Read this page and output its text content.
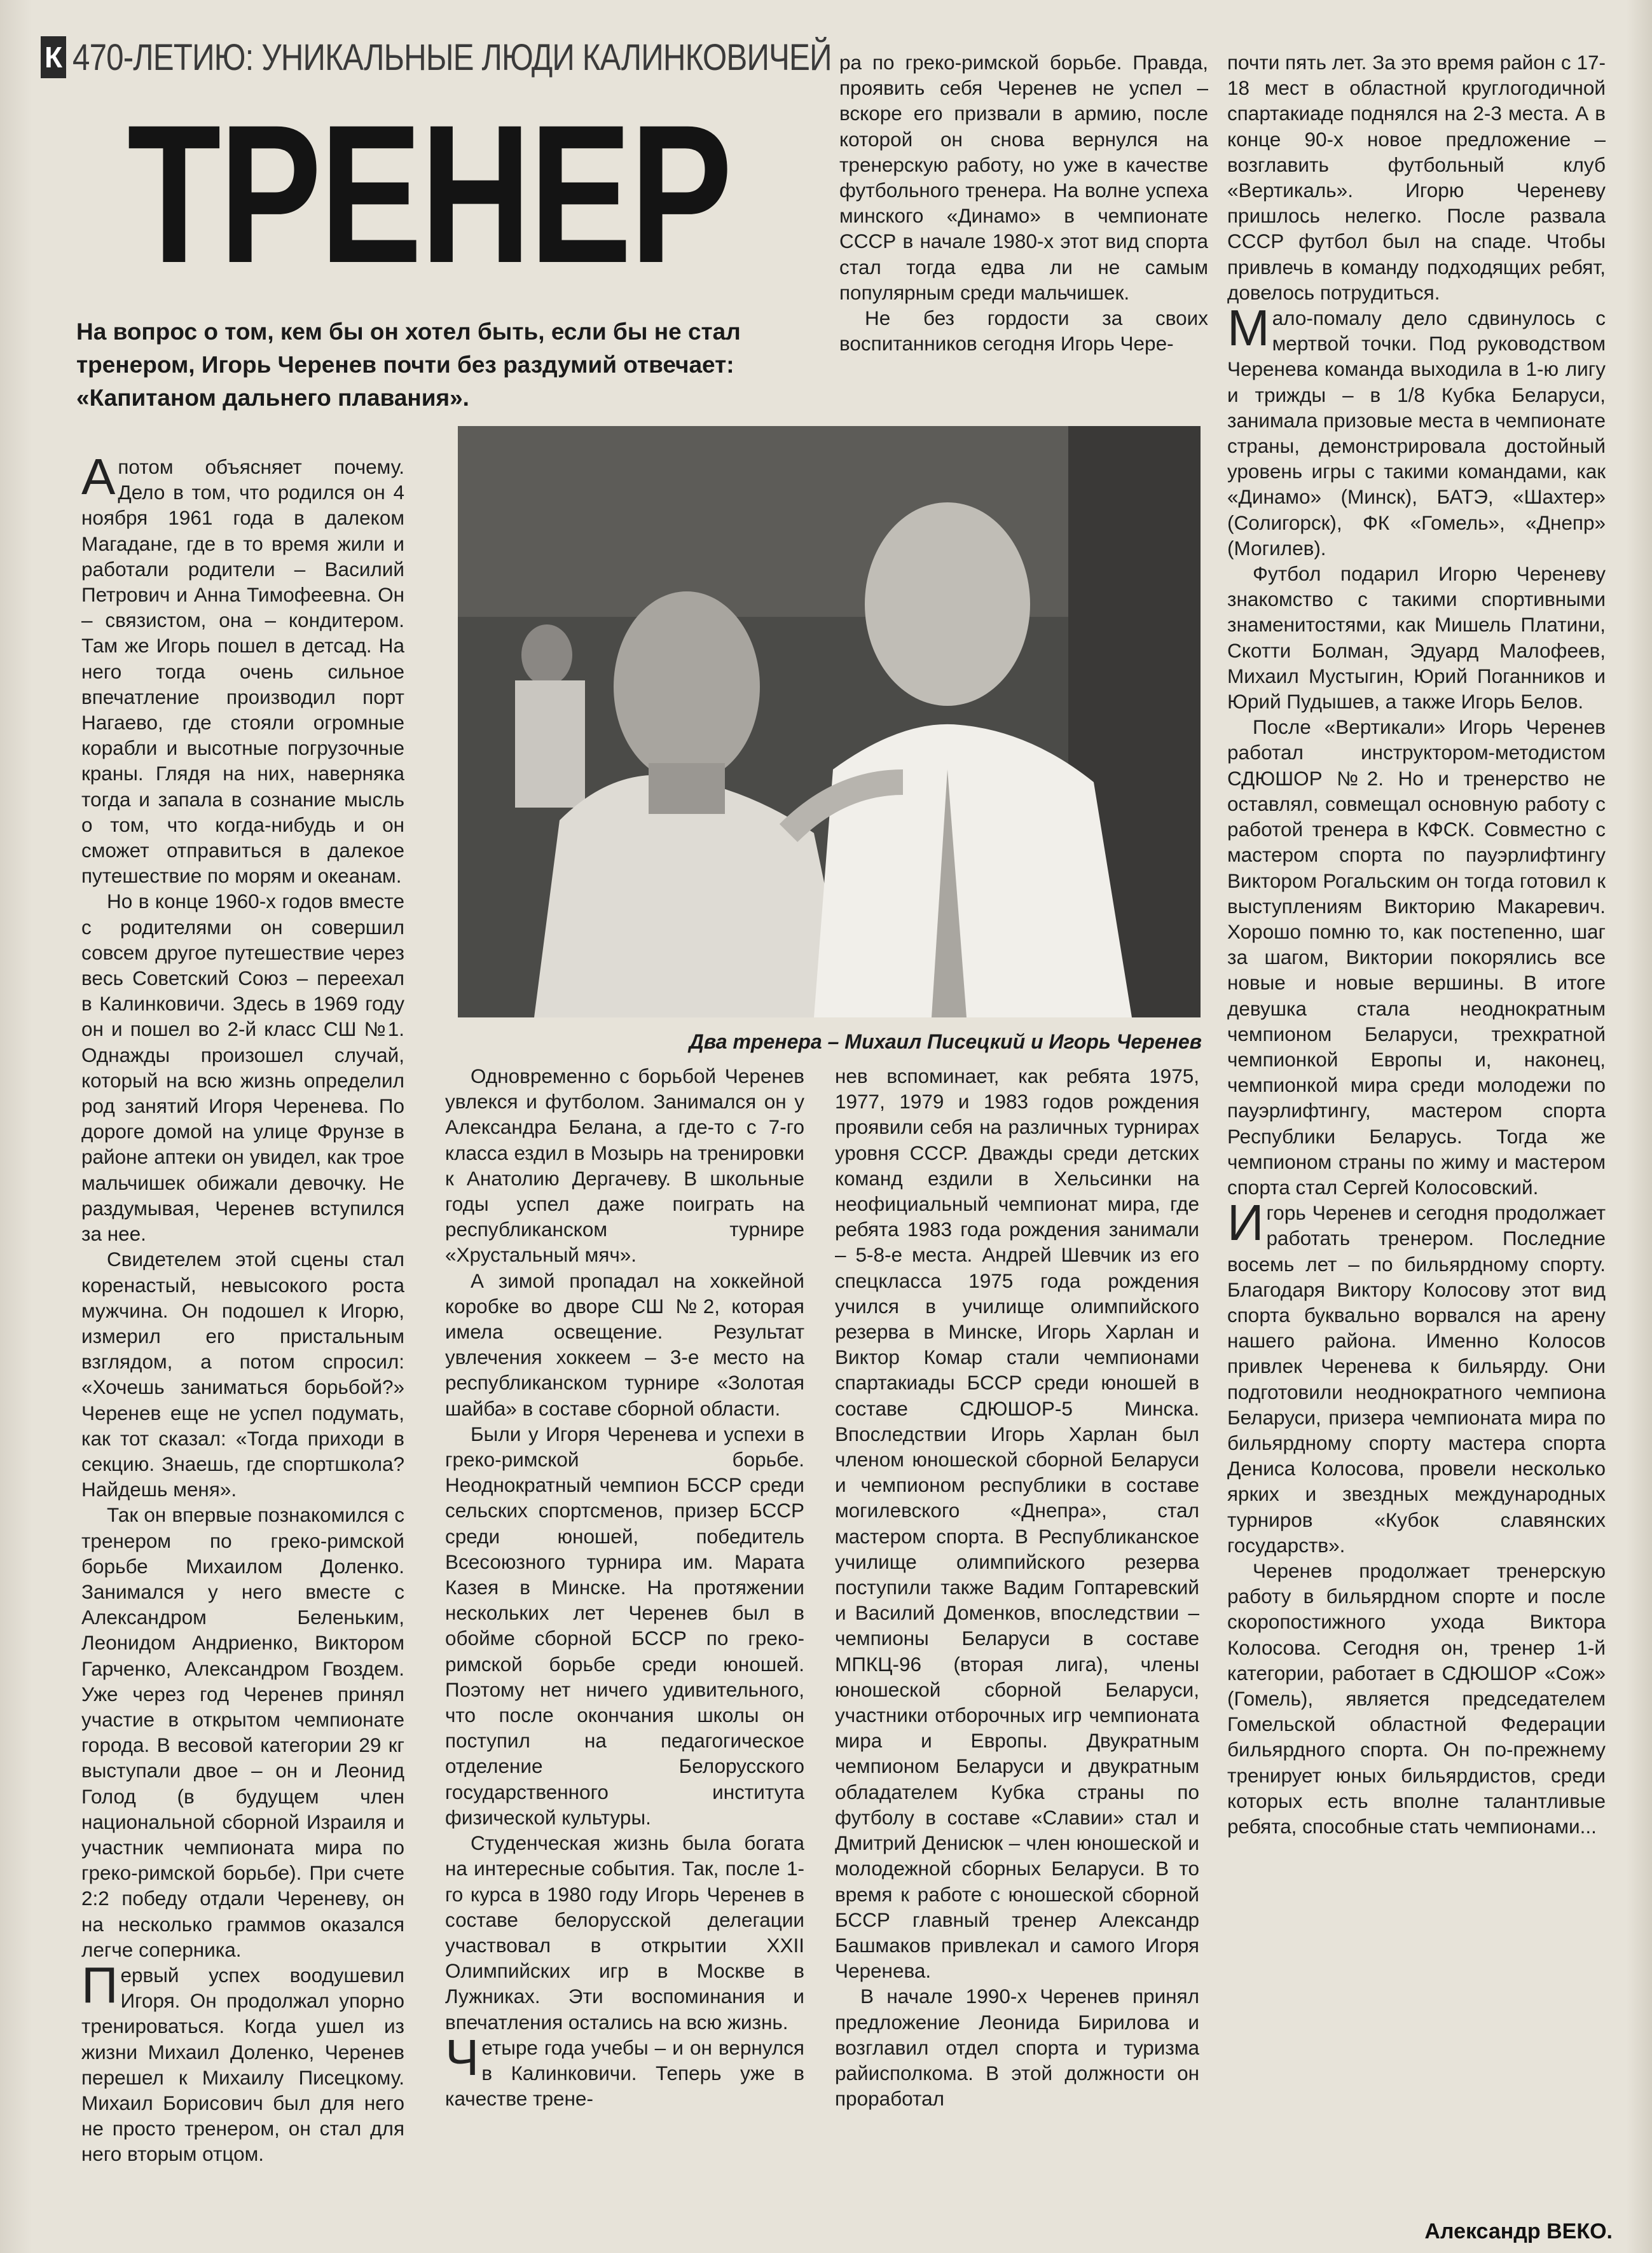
К 470-ЛЕТИЮ: УНИКАЛЬНЫЕ ЛЮДИ КАЛИНКОВИЧЕЙ
ТРЕНЕР
На вопрос о том, кем бы он хотел быть, если бы не стал тренером, Игорь Черенев почти без раздумий отвечает: «Капитаном дальнего плавания».

Апотом объясняет почему. Дело в том, что родился он 4 ноября 1961 года в далеком Магадане, где в то время жили и работали родители – Василий Петрович и Анна Тимофеевна. Он – связистом, она – кондитером. Там же Игорь пошел в детсад. На него тогда очень сильное впечатление производил порт Нагаево, где стояли огромные корабли и высотные погрузочные краны. Глядя на них, наверняка тогда и запала в сознание мысль о том, что когда-нибудь и он сможет отправиться в далекое путешествие по морям и океанам.

Но в конце 1960-х годов вместе с родителями он совершил совсем другое путешествие через весь Советский Союз – переехал в Калинковичи. Здесь в 1969 году он и пошел во 2-й класс СШ №1. Однажды произошел случай, который на всю жизнь определил род занятий Игоря Черенева. По дороге домой на улице Фрунзе в районе аптеки он увидел, как трое мальчишек обижали девочку. Не раздумывая, Черенев вступился за нее.

Свидетелем этой сцены стал коренастый, невысокого роста мужчина. Он подошел к Игорю, измерил его пристальным взглядом, а потом спросил: «Хочешь заниматься борьбой?» Черенев еще не успел подумать, как тот сказал: «Тогда приходи в секцию. Знаешь, где спортшкола? Найдешь меня».

Так он впервые познакомился с тренером по греко-римской борьбе Михаилом Доленко. Занимался у него вместе с Александром Беленьким, Леонидом Андриенко, Виктором Гарченко, Александром Гвоздем. Уже через год Черенев принял участие в открытом чемпионате города. В весовой категории 29 кг выступали двое – он и Леонид Голод (в будущем член национальной сборной Израиля и участник чемпионата мира по греко-римской борьбе). При счете 2:2 победу отдали Череневу, он на несколько граммов оказался легче соперника.

Первый успех воодушевил Игоря. Он продолжал упорно тренироваться. Когда ушел из жизни Михаил Доленко, Черенев перешел к Михаилу Писецкому. Михаил Борисович был для него не просто тренером, он стал для него вторым отцом.

ра по греко-римской борьбе. Правда, проявить себя Черенев не успел – вскоре его призвали в армию, после которой он снова вернулся на тренерскую работу, но уже в качестве футбольного тренера. На волне успеха минского «Динамо» в чемпионате СССР в начале 1980-х этот вид спорта стал тогда едва ли не самым популярным среди мальчишек.

Не без гордости за своих воспитанников сегодня Игорь Чере-

Два тренера – Михаил Писецкий и Игорь Черенев

Одновременно с борьбой Черенев увлекся и футболом. Занимался он у Александра Белана, а где-то с 7-го класса ездил в Мозырь на тренировки к Анатолию Дергачеву. В школьные годы успел даже поиграть на республиканском турнире «Хрустальный мяч».

А зимой пропадал на хоккейной коробке во дворе СШ №2, которая имела освещение. Результат увлечения хоккеем – 3-е место на республиканском турнире «Золотая шайба» в составе сборной области.

Были у Игоря Черенева и успехи в греко-римской борьбе. Неоднократный чемпион БССР среди сельских спортсменов, призер БССР среди юношей, победитель Всесоюзного турнира им. Марата Казея в Минске. На протяжении нескольких лет Черенев был в обойме сборной БССР по греко-римской борьбе среди юношей. Поэтому нет ничего удивительного, что после окончания школы он поступил на педагогическое отделение Белорусского государственного института физической культуры.

Студенческая жизнь была богата на интересные события. Так, после 1-го курса в 1980 году Игорь Черенев в составе белорусской делегации участвовал в открытии XXII Олимпийских игр в Москве в Лужниках. Эти воспоминания и впечатления остались на всю жизнь.

Четыре года учебы – и он вернулся в Калинковичи. Теперь уже в качестве трене-

нев вспоминает, как ребята 1975, 1977, 1979 и 1983 годов рождения проявили себя на различных турнирах уровня СССР. Дважды среди детских команд ездили в Хельсинки на неофициальный чемпионат мира, где ребята 1983 года рождения занимали – 5-8-е места. Андрей Шевчик из его спецкласса 1975 года рождения учился в училище олимпийского резерва в Минске, Игорь Харлан и Виктор Комар стали чемпионами спартакиады БССР среди юношей в составе СДЮШОР-5 Минска. Впоследствии Игорь Харлан был членом юношеской сборной Беларуси и чемпионом республики в составе могилевского «Днепра», стал мастером спорта. В Республиканское училище олимпийского резерва поступили также Вадим Гоптаревский и Василий Доменков, впоследствии – чемпионы Беларуси в составе МПКЦ-96 (вторая лига), члены юношеской сборной Беларуси, участники отборочных игр чемпионата мира и Европы. Двукратным чемпионом Беларуси и двукратным обладателем Кубка страны по футболу в составе «Славии» стал и Дмитрий Денисюк – член юношеской и молодежной сборных Беларуси. В то время к работе с юношеской сборной БССР главный тренер Александр Башмаков привлекал и самого Игоря Черенева.

В начале 1990-х Черенев принял предложение Леонида Бирилова и возглавил отдел спорта и туризма райисполкома. В этой должности он проработал

почти пять лет. За это время район с 17-18 мест в областной круглогодичной спартакиаде поднялся на 2-3 места. А в конце 90-х новое предложение – возглавить футбольный клуб «Вертикаль». Игорю Череневу пришлось нелегко. После развала СССР футбол был на спаде. Чтобы привлечь в команду подходящих ребят, довелось потрудиться.

Мало-помалу дело сдвинулось с мертвой точки. Под руководством Черенева команда выходила в 1-ю лигу и трижды – в 1/8 Кубка Беларуси, занимала призовые места в чемпионате страны, демонстрировала достойный уровень игры с такими командами, как «Динамо» (Минск), БАТЭ, «Шахтер» (Солигорск), ФК «Гомель», «Днепр» (Могилев).

Футбол подарил Игорю Череневу знакомство с такими спортивными знаменитостями, как Мишель Платини, Скотти Болман, Эдуард Малофеев, Михаил Мустыгин, Юрий Поганников и Юрий Пудышев, а также Игорь Белов.

После «Вертикали» Игорь Черенев работал инструктором-методистом СДЮШОР №2. Но и тренерство не оставлял, совмещал основную работу с работой тренера в КФСК. Совместно с мастером спорта по пауэрлифтингу Виктором Рогальским он тогда готовил к выступлениям Викторию Макаревич. Хорошо помню то, как постепенно, шаг за шагом, Виктории покорялись все новые и новые вершины. В итоге девушка стала неоднократным чемпионом Беларуси, трехкратной чемпионкой Европы и, наконец, чемпионкой мира среди молодежи по пауэрлифтингу, мастером спорта Республики Беларусь. Тогда же чемпионом страны по жиму и мастером спорта стал Сергей Колосовский.

Игорь Черенев и сегодня продолжает работать тренером. Последние восемь лет – по бильярдному спорту. Благодаря Виктору Колосову этот вид спорта буквально ворвался на арену нашего района. Именно Колосов привлек Черенева к бильярду. Они подготовили неоднократного чемпиона Беларуси, призера чемпионата мира по бильярдному спорту мастера спорта Дениса Колосова, провели несколько ярких и звездных международных турниров «Кубок славянских государств».

Черенев продолжает тренерскую работу в бильярдном спорте и после скоропостижного ухода Виктора Колосова. Сегодня он, тренер 1-й категории, работает в СДЮШОР «Сож» (Гомель), является председателем Гомельской областной Федерации бильярдного спорта. Он по-прежнему тренирует юных бильярдистов, среди которых есть вполне талантливые ребята, способные стать чемпионами...

Александр ВЕКО.
